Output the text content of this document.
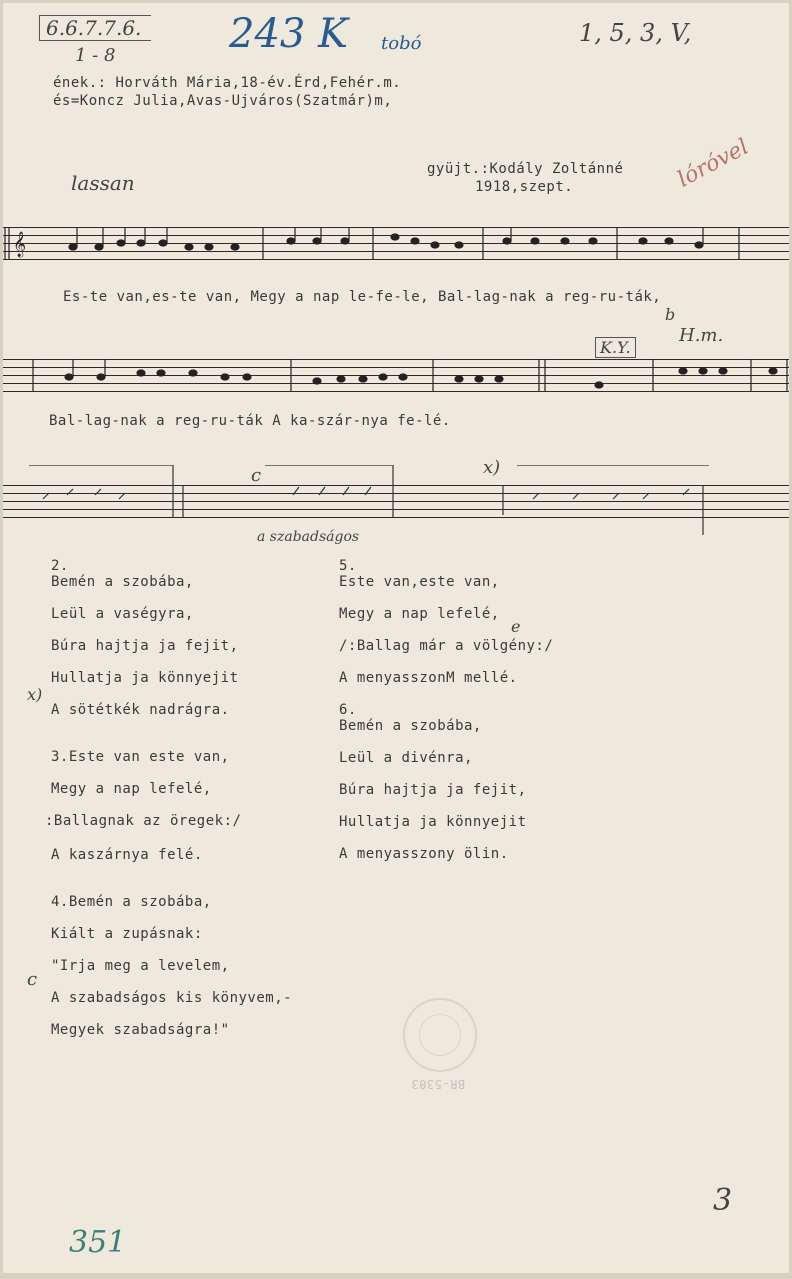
6.6.7.7.6.
1 - 8	243 K tobó	1, 5, 3, V,
ének.: Horváth Mária,18-év.Érd,Fehér.m.
és=Koncz Julia,Avas-Ujváros(Szatmár)m,
gyüjt.:Kodály Zoltánné
1918,szept.
lassan	lóróvel
𝄞
Es-te van,es-te van, Megy a nap le-fe-le, Bal-lag-nak a reg-ru-ták,
K.Y.
H.m.
b
Bal-lag-nak a reg-ru-ták A ka-szár-nya fe-lé.
c	x)
a szabadságos
2.
Bemén a szobába,
Leül a vaségyra,
Búra hajtja ja fejit,
Hullatja ja könnyejit
A sötétkék nadrágra.
x)
3.Este van este van,
Megy a nap lefelé,
:Ballagnak az öregek:/
A kaszárnya felé.
4.Bemén a szobába,
Kiált a zupásnak:
"Irja meg a levelem,
A szabadságos kis könyvem,-
Megyek szabadságra!"
c
5.
Este van,este van,
Megy a nap lefelé,
/:Ballag már a völgény:/
A menyasszonM mellé.
e
6.
Bemén a szobába,
Leül a divénra,
Búra hajtja ja fejit,
Hullatja ja könnyejit
A menyasszony ölin.
BR-5303
3
351
